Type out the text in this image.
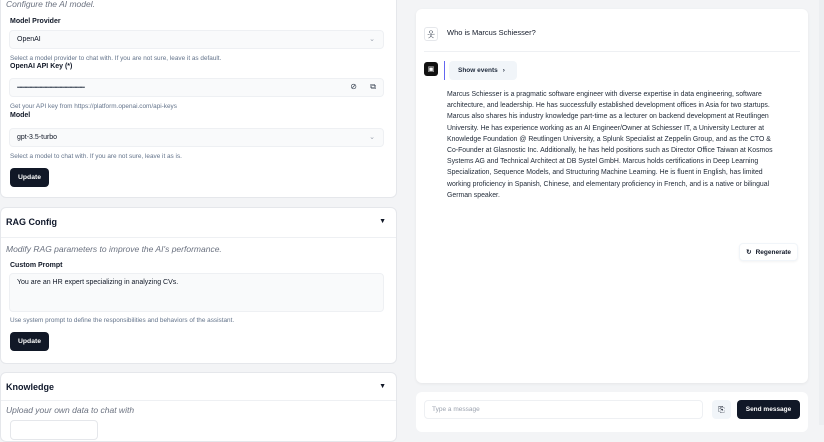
Configure the AI model.
Model Provider
OpenAI	⌄
Select a model provider to chat with. If you are not sure, leave it as default.
OpenAI API Key (*)
••••••••••••••••••••••••••••••••••••••••••••••••••••••	⊘ ⧉
Get your API key from https://platform.openai.com/api-keys
Model
gpt-3.5-turbo	⌄
Select a model to chat with. If you are not sure, leave it as is.
Update
RAG Config	▼
Modify RAG parameters to improve the AI's performance.
Custom Prompt
You are an HR expert specializing in analyzing CVs.
Use system prompt to define the responsibilities and behaviors of the assistant.
Update
Knowledge	▼
Upload your own data to chat with
웃	Who is Marcus Schiesser?
▣	Show events ›
Marcus Schiesser is a pragmatic software engineer with diverse expertise in data engineering, software architecture, and leadership. He has successfully established development offices in Asia for two startups. Marcus also shares his industry knowledge part-time as a lecturer on backend development at Reutlingen University. He has experience working as an AI Engineer/Owner at Schiesser IT, a University Lecturer at Knowledge Foundation @ Reutlingen University, a Splunk Specialist at Zeppelin Group, and as the CTO & Co-Founder at Glasnostic Inc. Additionally, he has held positions such as Director Office Taiwan at Kosmos Systems AG and Technical Architect at DB Systel GmbH. Marcus holds certifications in Deep Learning Specialization, Sequence Models, and Structuring Machine Learning. He is fluent in English, has limited working proficiency in Spanish, Chinese, and elementary proficiency in French, and is a native or bilingual German speaker.
↻ Regenerate
Type a message	⎘	Send message
